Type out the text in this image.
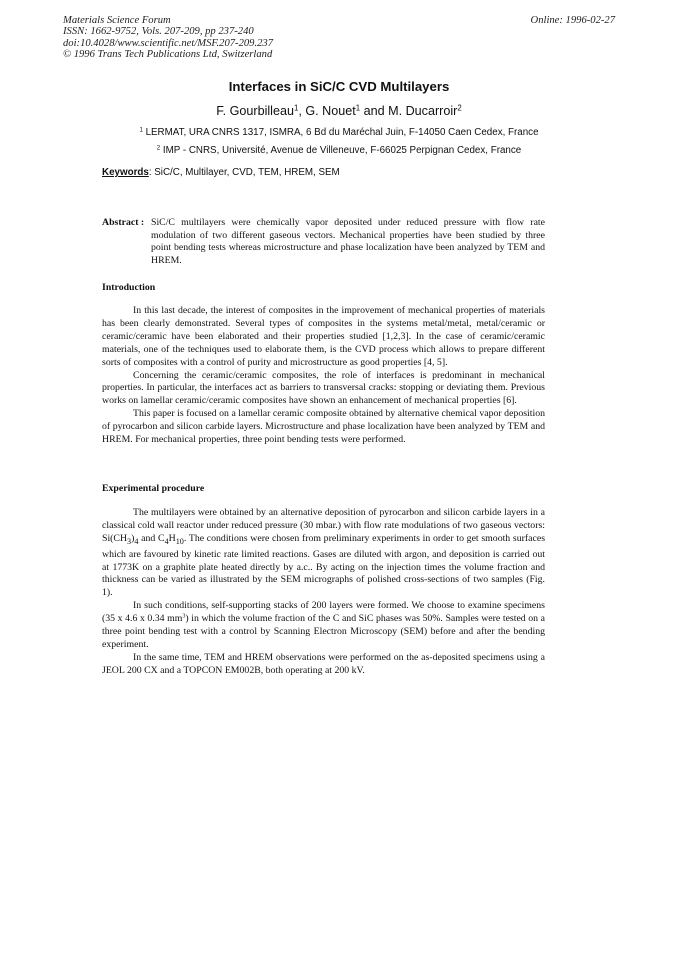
Materials Science Forum
ISSN: 1662-9752, Vols. 207-209, pp 237-240
doi:10.4028/www.scientific.net/MSF.207-209.237
© 1996 Trans Tech Publications Ltd, Switzerland
Online: 1996-02-27
Interfaces in SiC/C CVD Multilayers
F. Gourbilleau$^1$, G. Nouet$^1$ and M. Ducarroir$^2$
$^1$ LERMAT, URA CNRS 1317, ISMRA, 6 Bd du Maréchal Juin, F-14050 Caen Cedex, France
$^2$ IMP - CNRS, Université, Avenue de Villeneuve, F-66025 Perpignan Cedex, France
Keywords: SiC/C, Multilayer, CVD, TEM, HREM, SEM
Abstract : SiC/C multilayers were chemically vapor deposited under reduced pressure with flow rate modulation of two different gaseous vectors. Mechanical properties have been studied by three point bending tests whereas microstructure and phase localization have been analyzed by TEM and HREM.
Introduction

In this last decade, the interest of composites in the improvement of mechanical properties of materials has been clearly demonstrated. Several types of composites in the systems metal/metal, metal/ceramic or ceramic/ceramic have been elaborated and their properties studied [1,2,3]. In the case of ceramic/ceramic materials, one of the techniques used to elaborate them, is the CVD process which allows to prepare different sorts of composites with a control of purity and microstructure as good properties [4, 5].

Concerning the ceramic/ceramic composites, the role of interfaces is predominant in mechanical properties. In particular, the interfaces act as barriers to transversal cracks: stopping or deviating them. Previous works on lamellar ceramic/ceramic composites have shown an enhancement of mechanical properties [6].

This paper is focused on a lamellar ceramic composite obtained by alternative chemical vapor deposition of pyrocarbon and silicon carbide layers. Microstructure and phase localization have been analyzed by TEM and HREM. For mechanical properties, three point bending tests were performed.

Experimental procedure

The multilayers were obtained by an alternative deposition of pyrocarbon and silicon carbide layers in a classical cold wall reactor under reduced pressure (30 mbar.) with flow rate modulations of two gaseous vectors: $Si(CH_3)_4$ and $C_4H_{10}$. The conditions were chosen from preliminary experiments in order to get smooth surfaces which are favoured by kinetic rate limited reactions. Gases are diluted with argon, and deposition is carried out at 1773K on a graphite plate heated directly by a.c.. By acting on the injection times the volume fraction and thickness can be varied as illustrated by the SEM micrographs of polished cross-sections of two samples (Fig. 1).

In such conditions, self-supporting stacks of 200 layers were formed. We choose to examine specimens (35 x 4.6 x 0.34 $mm^3$) in which the volume fraction of the C and SiC phases was 50%. Samples were tested on a three point bending test with a control by Scanning Electron Microscopy (SEM) before and after the bending experiment.

In the same time, TEM and HREM observations were performed on the as-deposited specimens using a JEOL 200 CX and a TOPCON EM002B, both operating at 200 kV.
